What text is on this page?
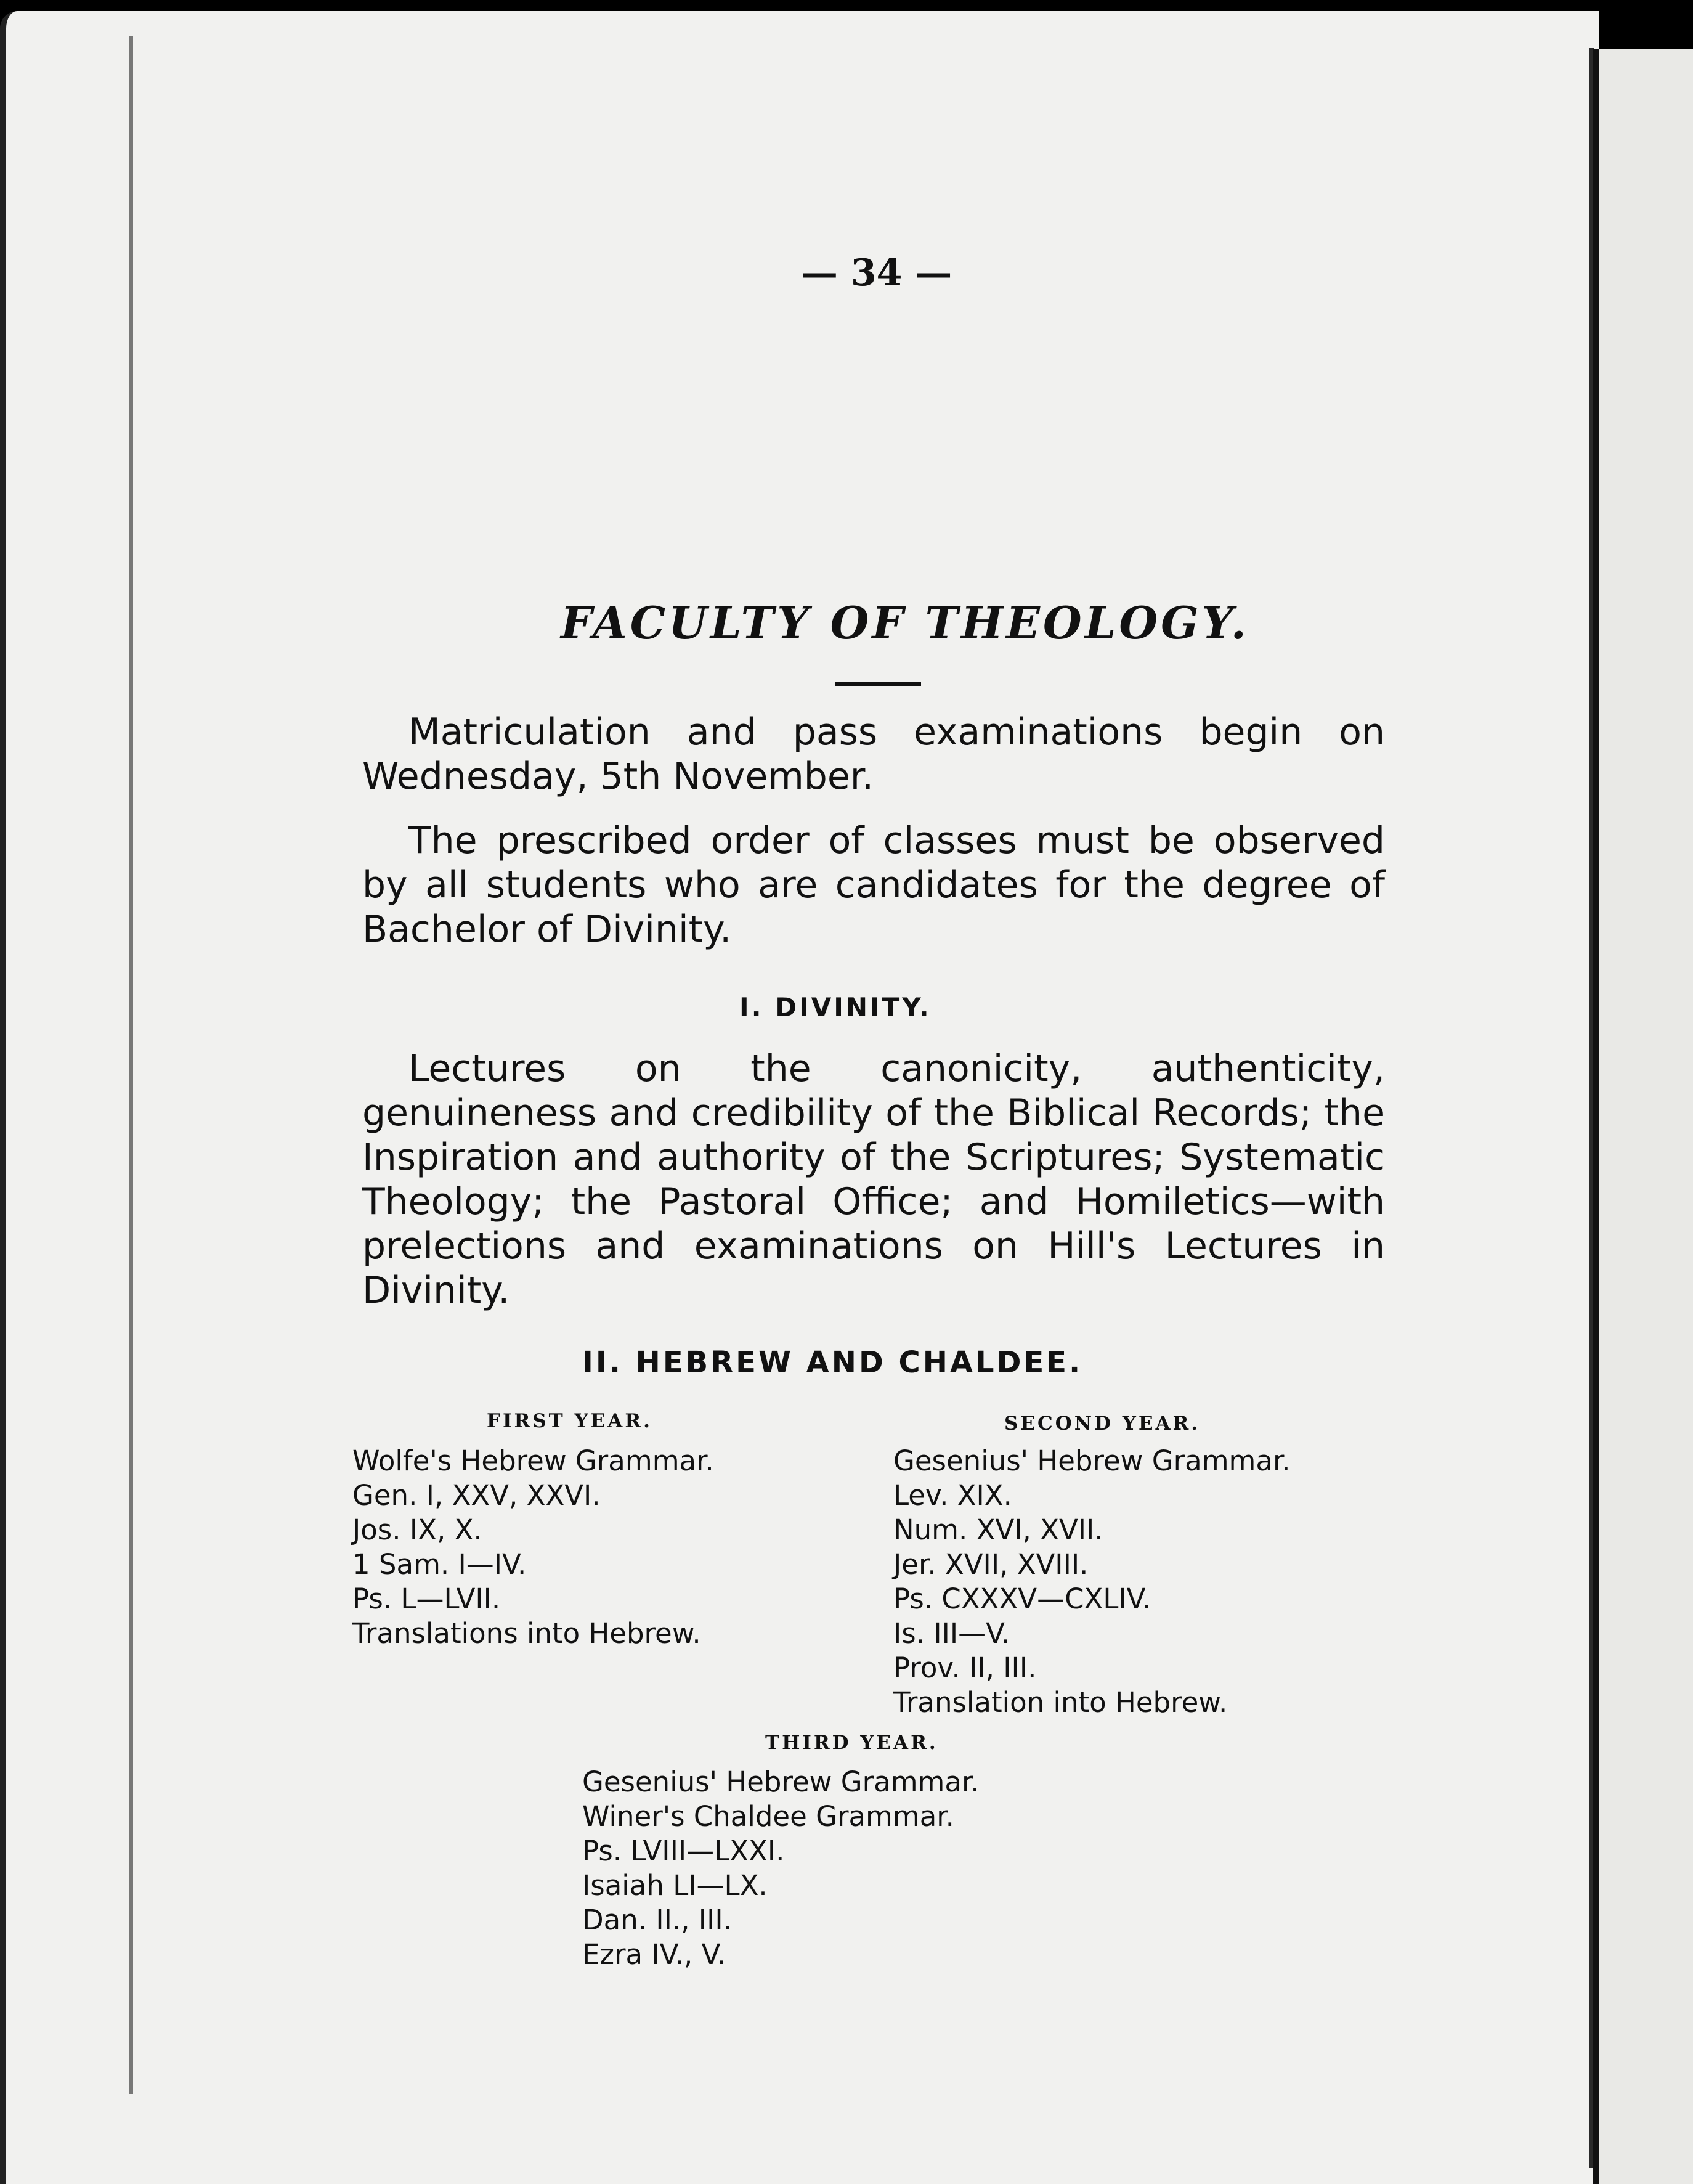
— 34 —

FACULTY OF THEOLOGY.

Matriculation and pass examinations begin on Wednesday, 5th November.

The prescribed order of classes must be observed by all students who are candidates for the degree of Bachelor of Divinity.

I. DIVINITY.

Lectures on the canonicity, authenticity, genuineness and credibility of the Biblical Records; the Inspiration and authority of the Scriptures; Systematic Theology; the Pastoral Office; and Homiletics—with prelections and examinations on Hill's Lectures in Divinity.

II. HEBREW AND CHALDEE.
FIRST YEAR.
Wolfe's Hebrew Grammar.
Gen. I, XXV, XXVI.
Jos. IX, X.
1 Sam. I—IV.
Ps. L—LVII.
Translations into Hebrew.
SECOND YEAR.
Gesenius' Hebrew Grammar.
Lev. XIX.
Num. XVI, XVII.
Jer. XVII, XVIII.
Ps. CXXXV—CXLIV.
Is. III—V.
Prov. II, III.
Translation into Hebrew.
THIRD YEAR.
Gesenius' Hebrew Grammar.
Winer's Chaldee Grammar.
Ps. LVIII—LXXI.
Isaiah LI—LX.
Dan. II., III.
Ezra IV., V.
